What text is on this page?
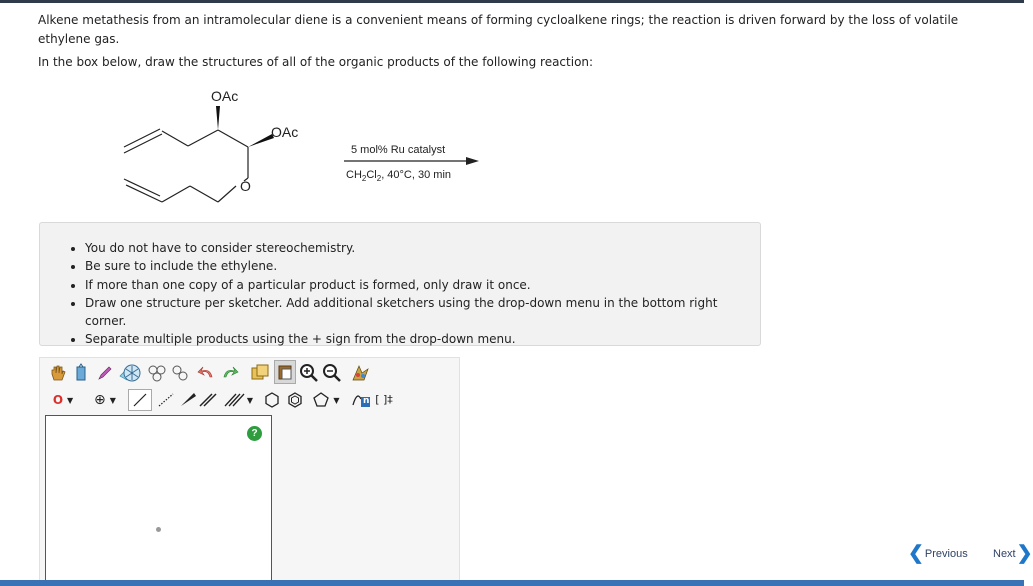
Alkene metathesis from an intramolecular diene is a convenient means of forming cycloalkene rings; the reaction is driven forward by the loss of volatile ethylene gas.

In the box below, draw the structures of all of the organic products of the following reaction:

OAc
OAc
O
5 mol% Ru catalyst
$CH_2Cl_2$, 40°C, 30 min
• You do not have to consider stereochemistry.
• Be sure to include the ethylene.
• If more than one copy of a particular product is formed, only draw it once.
• Draw one structure per sketcher. Add additional sketchers using the drop-down menu in the bottom right corner.
• Separate multiple products using the + sign from the drop-down menu.
O ▼ ⊕ ▼	▼	▼	n [ ]‡
?
❮ Previous Next ❯
